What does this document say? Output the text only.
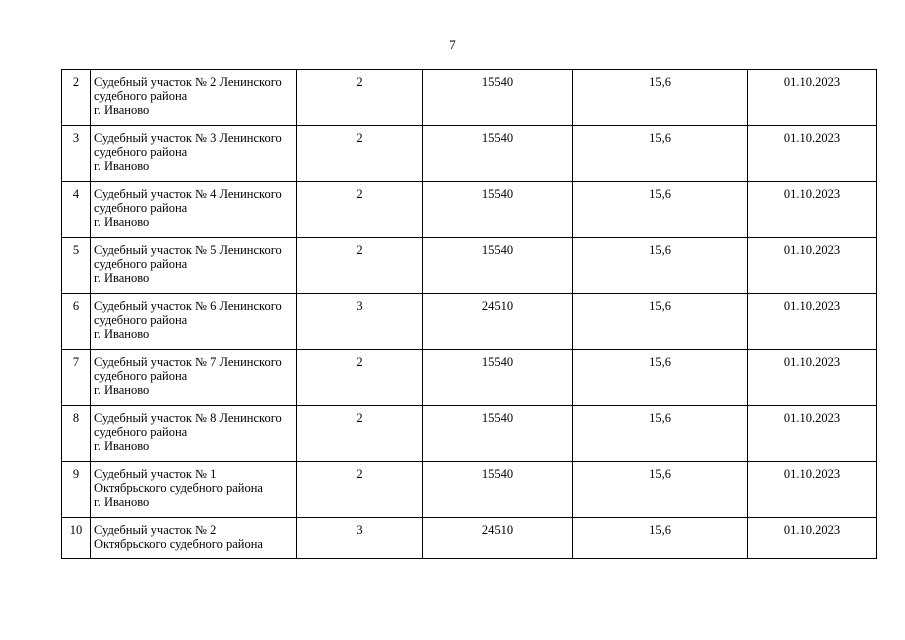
7
2	Судебный участок № 2 Ленинского
судебного района
г. Иваново	2	15540	15,6	01.10.2023
3	Судебный участок № 3 Ленинского
судебного района
г. Иваново	2	15540	15,6	01.10.2023
4	Судебный участок № 4 Ленинского
судебного района
г. Иваново	2	15540	15,6	01.10.2023
5	Судебный участок № 5 Ленинского
судебного района
г. Иваново	2	15540	15,6	01.10.2023
6	Судебный участок № 6 Ленинского
судебного района
г. Иваново	3	24510	15,6	01.10.2023
7	Судебный участок № 7 Ленинского
судебного района
г. Иваново	2	15540	15,6	01.10.2023
8	Судебный участок № 8 Ленинского
судебного района
г. Иваново	2	15540	15,6	01.10.2023
9	Судебный участок № 1
Октябрьского судебного района
г. Иваново	2	15540	15,6	01.10.2023
10	Судебный участок № 2
Октябрьского судебного района	3	24510	15,6	01.10.2023
